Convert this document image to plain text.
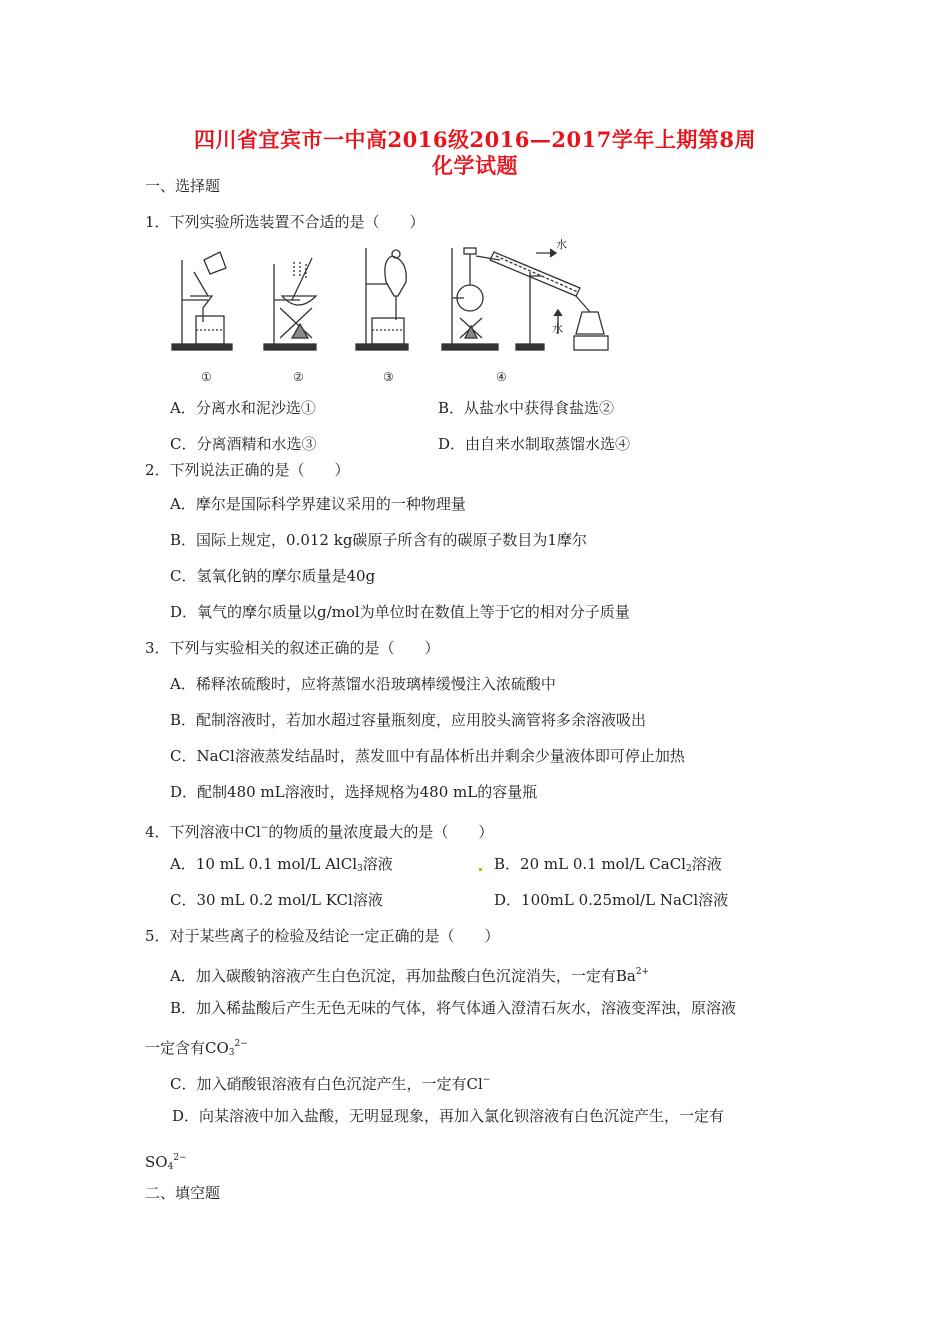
四川省宜宾市一中高2016级2016—2017学年上期第8周
化学试题
一、选择题
1．下列实验所选装置不合适的是（　　）
水
水
①	②	③	④
A．分离水和泥沙选①	B．从盐水中获得食盐选②
C．分离酒精和水选③	D．由自来水制取蒸馏水选④
2．下列说法正确的是（　　）
A．摩尔是国际科学界建议采用的一种物理量
B．国际上规定，0.012 kg碳原子所含有的碳原子数目为1摩尔
C．氢氧化钠的摩尔质量是40g
D．氧气的摩尔质量以g/mol为单位时在数值上等于它的相对分子质量
3．下列与实验相关的叙述正确的是（　　）
A．稀释浓硫酸时，应将蒸馏水沿玻璃棒缓慢注入浓硫酸中
B．配制溶液时，若加水超过容量瓶刻度，应用胶头滴管将多余溶液吸出
C．NaCl溶液蒸发结晶时，蒸发皿中有晶体析出并剩余少量液体即可停止加热
D．配制480 mL溶液时，选择规格为480 mL的容量瓶
4．下列溶液中Cl−的物质的量浓度最大的是（　　）
A．10 mL 0.1 mol/L AlCl$_3$溶液	B．20 mL 0.1 mol/L CaCl$_2$溶液
C．30 mL 0.2 mol/L KCl溶液	D．100mL 0.25mol/L NaCl溶液
5．对于某些离子的检验及结论一定正确的是（　　）
A．加入碳酸钠溶液产生白色沉淀，再加盐酸白色沉淀消失，一定有$Ba^{2+}$
B．加入稀盐酸后产生无色无味的气体，将气体通入澄清石灰水，溶液变浑浊，原溶液
一定含有$CO_3^{2-}$
C．加入硝酸银溶液有白色沉淀产生，一定有Cl−
D．向某溶液中加入盐酸，无明显现象，再加入氯化钡溶液有白色沉淀产生，一定有
$SO_4^{2-}$
二、填空题
